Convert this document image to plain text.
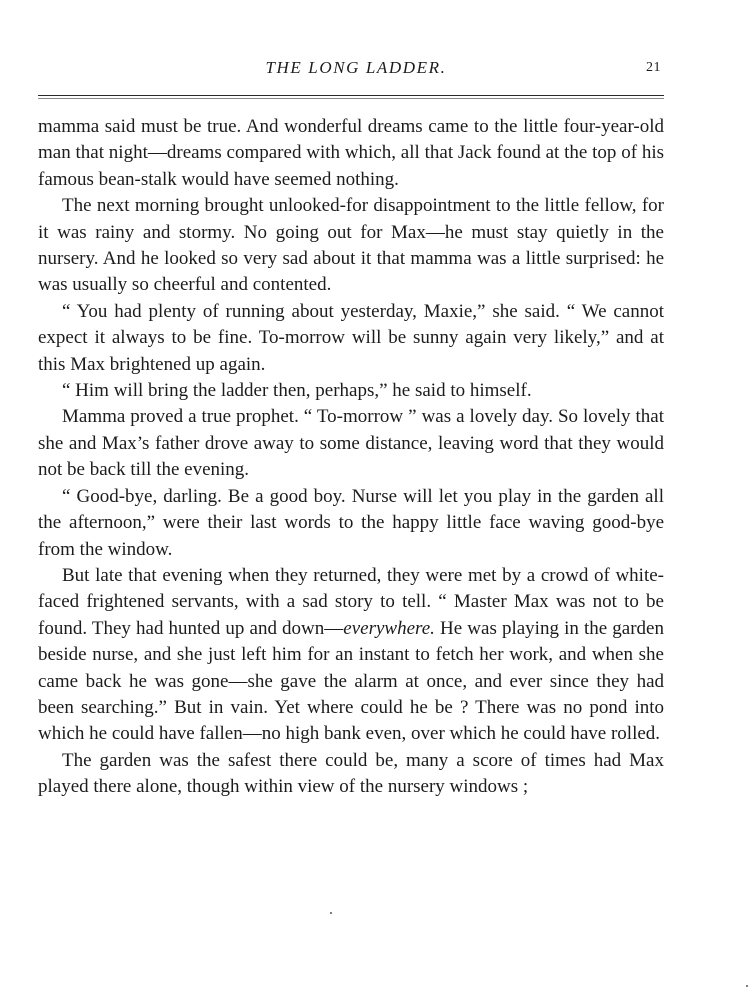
THE LONG LADDER.	21

mamma said must be true. And wonderful dreams came to the little four-year-old man that night—dreams compared with which, all that Jack found at the top of his famous bean-stalk would have seemed nothing.

The next morning brought unlooked-for disappointment to the little fellow, for it was rainy and stormy. No going out for Max—he must stay quietly in the nursery. And he looked so very sad about it that mamma was a little surprised: he was usually so cheerful and contented.

“ You had plenty of running about yesterday, Maxie,” she said. “ We cannot expect it always to be fine. To-morrow will be sunny again very likely,” and at this Max brightened up again.

“ Him will bring the ladder then, perhaps,” he said to himself.

Mamma proved a true prophet. “ To-morrow ” was a lovely day. So lovely that she and Max’s father drove away to some distance, leaving word that they would not be back till the evening.

“ Good-bye, darling. Be a good boy. Nurse will let you play in the garden all the afternoon,” were their last words to the happy little face waving good-bye from the window.

But late that evening when they returned, they were met by a crowd of white-faced frightened servants, with a sad story to tell. “ Master Max was not to be found. They had hunted up and down—everywhere. He was playing in the garden beside nurse, and she just left him for an instant to fetch her work, and when she came back he was gone—she gave the alarm at once, and ever since they had been searching.” But in vain. Yet where could he be ? There was no pond into which he could have fallen—no high bank even, over which he could have rolled.

The garden was the safest there could be, many a score of times had Max played there alone, though within view of the nursery windows ;
